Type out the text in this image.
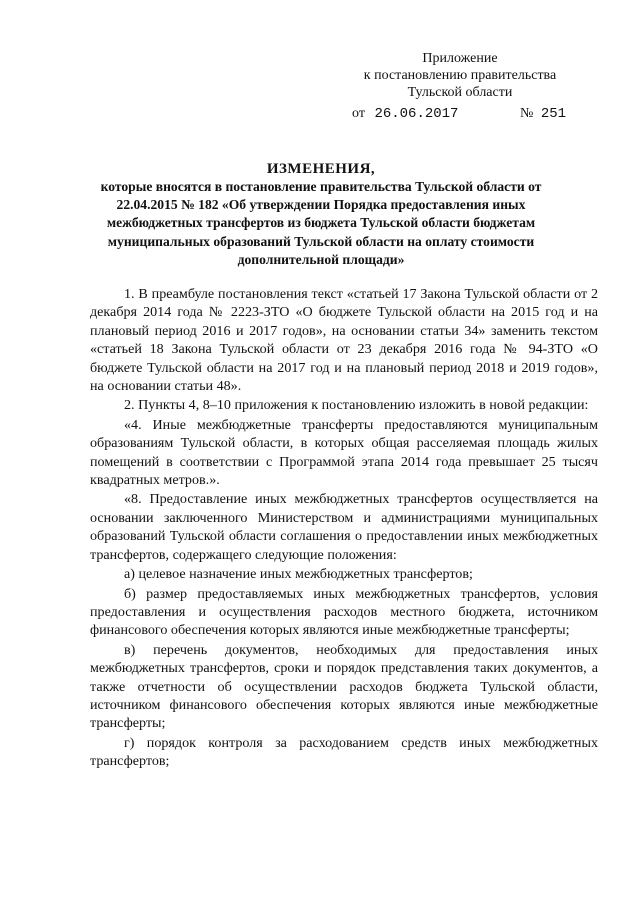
Приложение
к постановлению правительства
Тульской области
от 26.06.2017	№ 251
ИЗМЕНЕНИЯ,
которые вносятся в постановление правительства Тульской области от 22.04.2015 № 182 «Об утверждении Порядка предоставления иных межбюджетных трансфертов из бюджета Тульской области бюджетам муниципальных образований Тульской области на оплату стоимости дополнительной площади»

1. В преамбуле постановления текст «статьей 17 Закона Тульской области от 2 декабря 2014 года № 2223-ЗТО «О бюджете Тульской области на 2015 год и на плановый период 2016 и 2017 годов», на основании статьи 34» заменить текстом «статьей 18 Закона Тульской области от 23 декабря 2016 года № 94-ЗТО «О бюджете Тульской области на 2017 год и на плановый период 2018 и 2019 годов», на основании статьи 48».

2. Пункты 4, 8–10 приложения к постановлению изложить в новой редакции:

«4. Иные межбюджетные трансферты предоставляются муниципальным образованиям Тульской области, в которых общая расселяемая площадь жилых помещений в соответствии с Программой этапа 2014 года превышает 25 тысяч квадратных метров.».

«8. Предоставление иных межбюджетных трансфертов осуществляется на основании заключенного Министерством и администрациями муниципальных образований Тульской области соглашения о предоставлении иных межбюджетных трансфертов, содержащего следующие положения:

а) целевое назначение иных межбюджетных трансфертов;

б) размер предоставляемых иных межбюджетных трансфертов, условия предоставления и осуществления расходов местного бюджета, источником финансового обеспечения которых являются иные межбюджетные трансферты;

в) перечень документов, необходимых для предоставления иных межбюджетных трансфертов, сроки и порядок представления таких документов, а также отчетности об осуществлении расходов бюджета Тульской области, источником финансового обеспечения которых являются иные межбюджетные трансферты;

г) порядок контроля за расходованием средств иных межбюджетных трансфертов;
